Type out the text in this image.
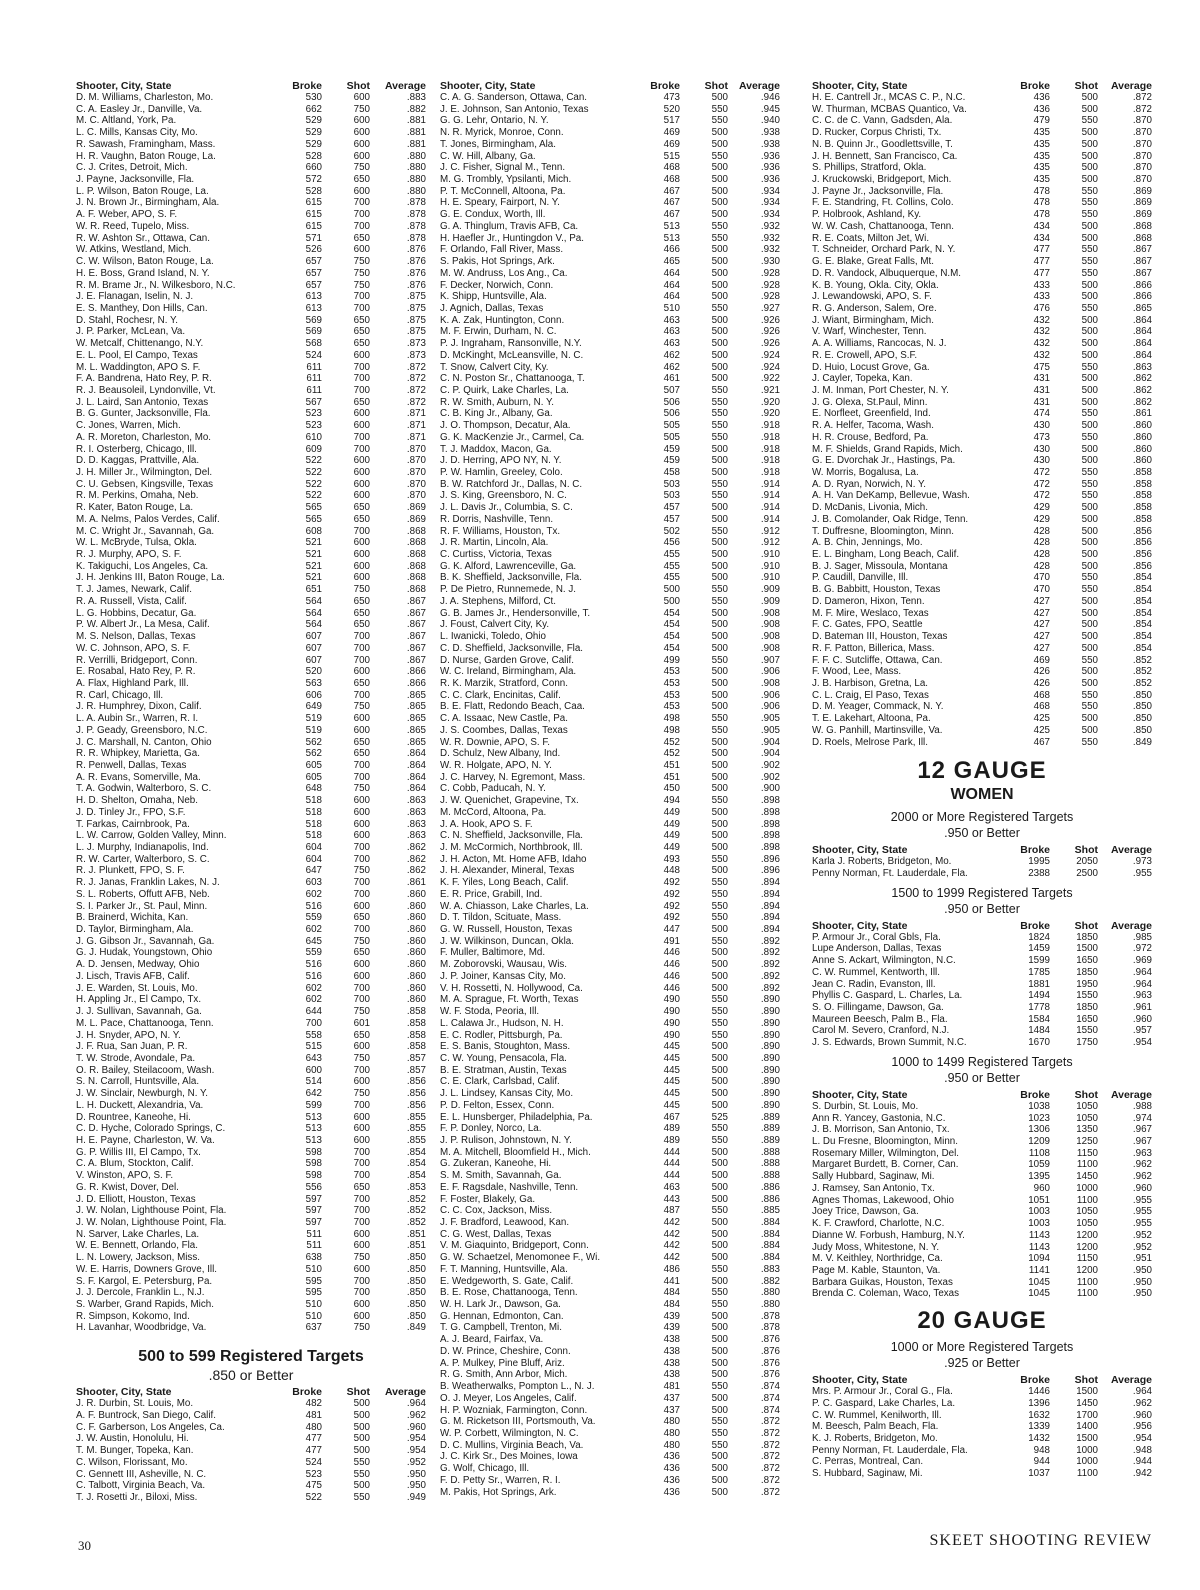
Shooter, City, State	Broke	Shot	Average
D. M. Williams, Charleston, Mo.	530	600	.883
C. A. Easley Jr., Danville, Va.	662	750	.882
M. C. Altland, York, Pa.	529	600	.881
L. C. Mills, Kansas City, Mo.	529	600	.881
R. Sawash, Framingham, Mass.	529	600	.881
H. R. Vaughn, Baton Rouge, La.	528	600	.880
C. J. Crites, Detroit, Mich.	660	750	.880
J. Payne, Jacksonville, Fla.	572	650	.880
L. P. Wilson, Baton Rouge, La.	528	600	.880
J. N. Brown Jr., Birmingham, Ala.	615	700	.878
A. F. Weber, APO, S. F.	615	700	.878
W. R. Reed, Tupelo, Miss.	615	700	.878
R. W. Ashton Sr., Ottawa, Can.	571	650	.878
W. Atkins, Westland, Mich.	526	600	.876
C. W. Wilson, Baton Rouge, La.	657	750	.876
H. E. Boss, Grand Island, N. Y.	657	750	.876
R. M. Brame Jr., N. Wilkesboro, N.C.	657	750	.876
J. E. Flanagan, Iselin, N. J.	613	700	.875
E. S. Manthey, Don Hills, Can.	613	700	.875
D. Stahl, Rochesr, N. Y.	569	650	.875
J. P. Parker, McLean, Va.	569	650	.875
W. Metcalf, Chittenango, N.Y.	568	650	.873
E. L. Pool, El Campo, Texas	524	600	.873
M. L. Waddington, APO S. F.	611	700	.872
F. A. Bandrena, Hato Rey, P. R.	611	700	.872
R. J. Beausoleil, Lyndonville, Vt.	611	700	.872
J. L. Laird, San Antonio, Texas	567	650	.872
B. G. Gunter, Jacksonville, Fla.	523	600	.871
C. Jones, Warren, Mich.	523	600	.871
A. R. Moreton, Charleston, Mo.	610	700	.871
R. I. Osterberg, Chicago, Ill.	609	700	.870
D. D. Kaggas, Prattville, Ala.	522	600	.870
J. H. Miller Jr., Wilmington, Del.	522	600	.870
C. U. Gebsen, Kingsville, Texas	522	600	.870
R. M. Perkins, Omaha, Neb.	522	600	.870
R. Kater, Baton Rouge, La.	565	650	.869
M. A. Nelms, Palos Verdes, Calif.	565	650	.869
M. C. Wright Jr., Savannah, Ga.	608	700	.868
W. L. McBryde, Tulsa, Okla.	521	600	.868
R. J. Murphy, APO, S. F.	521	600	.868
K. Takiguchi, Los Angeles, Ca.	521	600	.868
J. H. Jenkins III, Baton Rouge, La.	521	600	.868
T. J. James, Newark, Calif.	651	750	.868
R. A. Russell, Vista, Calif.	564	650	.867
L. G. Hobbins, Decatur, Ga.	564	650	.867
P. W. Albert Jr., La Mesa, Calif.	564	650	.867
M. S. Nelson, Dallas, Texas	607	700	.867
W. C. Johnson, APO, S. F.	607	700	.867
R. Verrilli, Bridgeport, Conn.	607	700	.867
E. Rosabal, Hato Rey, P. R.	520	600	.866
A. Flax, Highland Park, Ill.	563	650	.866
R. Carl, Chicago, Ill.	606	700	.865
J. R. Humphrey, Dixon, Calif.	649	750	.865
L. A. Aubin Sr., Warren, R. I.	519	600	.865
J. P. Geady, Greensboro, N.C.	519	600	.865
J. C. Marshall, N. Canton, Ohio	562	650	.865
R. R. Whipkey, Marietta, Ga.	562	650	.864
R. Penwell, Dallas, Texas	605	700	.864
A. R. Evans, Somerville, Ma.	605	700	.864
T. A. Godwin, Walterboro, S. C.	648	750	.864
H. D. Shelton, Omaha, Neb.	518	600	.863
J. D. Tinley Jr., FPO, S.F.	518	600	.863
T. Farkas, Cairnbrook, Pa.	518	600	.863
L. W. Carrow, Golden Valley, Minn.	518	600	.863
L. J. Murphy, Indianapolis, Ind.	604	700	.862
R. W. Carter, Walterboro, S. C.	604	700	.862
R. J. Plunkett, FPO, S. F.	647	750	.862
R. J. Janas, Franklin Lakes, N. J.	603	700	.861
S. L. Roberts, Offutt AFB, Neb.	602	700	.860
S. I. Parker Jr., St. Paul, Minn.	516	600	.860
B. Brainerd, Wichita, Kan.	559	650	.860
D. Taylor, Birmingham, Ala.	602	700	.860
J. G. Gibson Jr., Savannah, Ga.	645	750	.860
G. J. Hudak, Youngstown, Ohio	559	650	.860
A. D. Jensen, Medway, Ohio	516	600	.860
J. Lisch, Travis AFB, Calif.	516	600	.860
J. E. Warden, St. Louis, Mo.	602	700	.860
H. Appling Jr., El Campo, Tx.	602	700	.860
J. J. Sullivan, Savannah, Ga.	644	750	.858
M. L. Pace, Chattanooga, Tenn.	700	601	.858
J. H. Snyder, APO, N. Y.	558	650	.858
J. F. Rua, San Juan, P. R.	515	600	.858
T. W. Strode, Avondale, Pa.	643	750	.857
O. R. Bailey, Steilacoom, Wash.	600	700	.857
S. N. Carroll, Huntsville, Ala.	514	600	.856
J. W. Sinclair, Newburgh, N. Y.	642	750	.856
L. H. Duckett, Alexandria, Va.	599	700	.856
D. Rountree, Kaneohe, Hi.	513	600	.855
C. D. Hyche, Colorado Springs, C.	513	600	.855
H. E. Payne, Charleston, W. Va.	513	600	.855
G. P. Willis III, El Campo, Tx.	598	700	.854
C. A. Blum, Stockton, Calif.	598	700	.854
V. Winston, APO, S. F.	598	700	.854
G. R. Kwist, Dover, Del.	556	650	.853
J. D. Elliott, Houston, Texas	597	700	.852
J. W. Nolan, Lighthouse Point, Fla.	597	700	.852
J. W. Nolan, Lighthouse Point, Fla.	597	700	.852
N. Sarver, Lake Charles, La.	511	600	.851
W. E. Bennett, Orlando, Fla.	511	600	.851
L. N. Lowery, Jackson, Miss.	638	750	.850
W. E. Harris, Downers Grove, Ill.	510	600	.850
S. F. Kargol, E. Petersburg, Pa.	595	700	.850
J. J. Dercole, Franklin L., N.J.	595	700	.850
S. Warber, Grand Rapids, Mich.	510	600	.850
R. Simpson, Kokomo, Ind.	510	600	.850
H. Lavanhar, Woodbridge, Va.	637	750	.849
500 to 599 Registered Targets
.850 or Better
Shooter, City, State	Broke	Shot	Average
J. R. Durbin, St. Louis, Mo.	482	500	.964
A. F. Buntrock, San Diego, Calif.	481	500	.962
C. F. Garberson, Los Angeles, Ca.	480	500	.960
J. W. Austin, Honolulu, Hi.	477	500	.954
T. M. Bunger, Topeka, Kan.	477	500	.954
C. Wilson, Florissant, Mo.	524	550	.952
C. Gennett III, Asheville, N. C.	523	550	.950
C. Talbott, Virginia Beach, Va.	475	500	.950
T. J. Rosetti Jr., Biloxi, Miss.	522	550	.949
Shooter, City, State	Broke	Shot	Average
C. A. G. Sanderson, Ottawa, Can.	473	500	.946
J. E. Johnson, San Antonio, Texas	520	550	.945
G. G. Lehr, Ontario, N. Y.	517	550	.940
N. R. Myrick, Monroe, Conn.	469	500	.938
T. Jones, Birmingham, Ala.	469	500	.938
C. W. Hill, Albany, Ga.	515	550	.936
J. C. Fisher, Signal M., Tenn.	468	500	.936
M. G. Trombly, Ypsilanti, Mich.	468	500	.936
P. T. McConnell, Altoona, Pa.	467	500	.934
H. E. Speary, Fairport, N. Y.	467	500	.934
G. E. Condux, Worth, Ill.	467	500	.934
G. A. Thinglum, Travis AFB, Ca.	513	550	.932
H. Haefler Jr., Huntingdon V., Pa.	513	550	.932
F. Orlando, Fall River, Mass.	466	500	.932
S. Pakis, Hot Springs, Ark.	465	500	.930
M. W. Andruss, Los Ang., Ca.	464	500	.928
F. Decker, Norwich, Conn.	464	500	.928
K. Shipp, Huntsville, Ala.	464	500	.928
J. Agnich, Dallas, Texas	510	550	.927
K. A. Zak, Huntington, Conn.	463	500	.926
M. F. Erwin, Durham, N. C.	463	500	.926
P. J. Ingraham, Ransonville, N.Y.	463	500	.926
D. McKinght, McLeansville, N. C.	462	500	.924
T. Snow, Calvert City, Ky.	462	500	.924
C. N. Poston Sr., Chattanooga, T.	461	500	.922
C. P. Quirk, Lake Charles, La.	507	550	.921
R. W. Smith, Auburn, N. Y.	506	550	.920
C. B. King Jr., Albany, Ga.	506	550	.920
J. O. Thompson, Decatur, Ala.	505	550	.918
G. K. MacKenzie Jr., Carmel, Ca.	505	550	.918
T. J. Maddox, Macon, Ga.	459	500	.918
J. D. Herring, APO NY, N. Y.	459	500	.918
P. W. Hamlin, Greeley, Colo.	458	500	.918
B. W. Ratchford Jr., Dallas, N. C.	503	550	.914
J. S. King, Greensboro, N. C.	503	550	.914
J. L. Davis Jr., Columbia, S. C.	457	500	.914
R. Dorris, Nashville, Tenn.	457	500	.914
R. F. Williams, Houston, Tx.	502	550	.912
J. R. Martin, Lincoln, Ala.	456	500	.912
C. Curtiss, Victoria, Texas	455	500	.910
G. K. Alford, Lawrenceville, Ga.	455	500	.910
B. K. Sheffield, Jacksonville, Fla.	455	500	.910
P. De Pietro, Runnemede, N. J.	500	550	.909
J. A. Stephens, Milford, Ct.	500	550	.909
G. B. James Jr., Hendersonville, T.	454	500	.908
J. Foust, Calvert City, Ky.	454	500	.908
L. Iwanicki, Toledo, Ohio	454	500	.908
C. D. Sheffield, Jacksonville, Fla.	454	500	.908
D. Nurse, Garden Grove, Calif.	499	550	.907
W. C. Ireland, Birmingham, Ala.	453	500	.906
R. K. Marzik, Stratford, Conn.	453	500	.908
C. C. Clark, Encinitas, Calif.	453	500	.906
B. E. Flatt, Redondo Beach, Caa.	453	500	.906
C. A. Issaac, New Castle, Pa.	498	550	.905
J. S. Coombes, Dallas, Texas	498	550	.905
W. R. Downie, APO, S. F.	452	500	.904
D. Schulz, New Albany, Ind.	452	500	.904
W. R. Holgate, APO, N. Y.	451	500	.902
J. C. Harvey, N. Egremont, Mass.	451	500	.902
C. Cobb, Paducah, N. Y.	450	500	.900
J. W. Quenichet, Grapevine, Tx.	494	550	.898
M. McCord, Altoona, Pa.	449	500	.898
J. A. Hook, APO S. F.	449	500	.898
C. N. Sheffield, Jacksonville, Fla.	449	500	.898
J. M. McCormich, Northbrook, Ill.	449	500	.898
J. H. Acton, Mt. Home AFB, Idaho	493	550	.896
J. H. Alexander, Mineral, Texas	448	500	.896
K. F. Yiles, Long Beach, Calif.	492	550	.894
E. R. Price, Grabill, Ind.	492	550	.894
W. A. Chiasson, Lake Charles, La.	492	550	.894
D. T. Tildon, Scituate, Mass.	492	550	.894
G. W. Russell, Houston, Texas	447	500	.894
J. W. Wilkinson, Duncan, Okla.	491	550	.892
F. Muller, Baltimore, Md.	446	500	.892
M. Zoborovski, Wausau, Wis.	446	500	.892
J. P. Joiner, Kansas City, Mo.	446	500	.892
V. H. Rossetti, N. Hollywood, Ca.	446	500	.892
M. A. Sprague, Ft. Worth, Texas	490	550	.890
W. F. Stoda, Peoria, Ill.	490	550	.890
L. Calawa Jr., Hudson, N. H.	490	550	.890
E. C. Rodler, Pittsburgh, Pa.	490	550	.890
E. S. Banis, Stoughton, Mass.	445	500	.890
C. W. Young, Pensacola, Fla.	445	500	.890
B. E. Stratman, Austin, Texas	445	500	.890
C. E. Clark, Carlsbad, Calif.	445	500	.890
J. L. Lindsey, Kansas City, Mo.	445	500	.890
P. D. Felton, Essex, Conn.	445	500	.890
E. L. Hunsberger, Philadelphia, Pa.	467	525	.889
F. P. Donley, Norco, La.	489	550	.889
J. P. Rulison, Johnstown, N. Y.	489	550	.889
M. A. Mitchell, Bloomfield H., Mich.	444	500	.888
G. Zukeran, Kaneohe, Hi.	444	500	.888
S. M. Smith, Savannah, Ga.	444	500	.888
E. F. Ragsdale, Nashville, Tenn.	463	500	.886
F. Foster, Blakely, Ga.	443	500	.886
C. C. Cox, Jackson, Miss.	487	550	.885
J. F. Bradford, Leawood, Kan.	442	500	.884
C. G. West, Dallas, Texas	442	500	.884
V. M. Giaquinto, Bridgeport, Conn.	442	500	.884
G. W. Schaetzel, Menomonee F., Wi.	442	500	.884
F. T. Manning, Huntsville, Ala.	486	550	.883
E. Wedgeworth, S. Gate, Calif.	441	500	.882
B. E. Rose, Chattanooga, Tenn.	484	550	.880
W. H. Lark Jr., Dawson, Ga.	484	550	.880
G. Hennan, Edmonton, Can.	439	500	.878
T. G. Campbell, Trenton, Mi.	439	500	.878
A. J. Beard, Fairfax, Va.	438	500	.876
D. W. Prince, Cheshire, Conn.	438	500	.876
A. P. Mulkey, Pine Bluff, Ariz.	438	500	.876
R. G. Smith, Ann Arbor, Mich.	438	500	.876
B. Weatherwalks, Pompton L., N. J.	481	550	.874
O. J. Meyer, Los Angeles, Calif.	437	500	.874
H. P. Wozniak, Farmington, Conn.	437	500	.874
G. M. Ricketson III, Portsmouth, Va.	480	550	.872
W. P. Corbett, Wilmington, N. C.	480	550	.872
D. C. Mullins, Virginia Beach, Va.	480	550	.872
J. C. Kirk Sr., Des Moines, Iowa	436	500	.872
G. Wolf, Chicago, Ill.	436	500	.872
F. D. Petty Sr., Warren, R. I.	436	500	.872
M. Pakis, Hot Springs, Ark.	436	500	.872
Shooter, City, State	Broke	Shot	Average
H. E. Cantrell Jr., MCAS C. P., N.C.	436	500	.872
W. Thurman, MCBAS Quantico, Va.	436	500	.872
C. C. de C. Vann, Gadsden, Ala.	479	550	.870
D. Rucker, Corpus Christi, Tx.	435	500	.870
N. B. Quinn Jr., Goodlettsville, T.	435	500	.870
J. H. Bennett, San Francisco, Ca.	435	500	.870
S. Phillips, Stratford, Okla.	435	500	.870
J. Kruckowski, Bridgeport, Mich.	435	500	.870
J. Payne Jr., Jacksonville, Fla.	478	550	.869
F. E. Standring, Ft. Collins, Colo.	478	550	.869
P. Holbrook, Ashland, Ky.	478	550	.869
W. W. Cash, Chattanooga, Tenn.	434	500	.868
R. E. Coats, Milton Jet, Wi.	434	500	.868
T. Schneider, Orchard Park, N. Y.	477	550	.867
G. E. Blake, Great Falls, Mt.	477	550	.867
D. R. Vandock, Albuquerque, N.M.	477	550	.867
K. B. Young, Okla. City, Okla.	433	500	.866
J. Lewandowski, APO, S. F.	433	500	.866
R. G. Anderson, Salem, Ore.	476	550	.865
J. Wiant, Birmingham, Mich.	432	500	.864
V. Warf, Winchester, Tenn.	432	500	.864
A. A. Williams, Rancocas, N. J.	432	500	.864
R. E. Crowell, APO, S.F.	432	500	.864
D. Huio, Locust Grove, Ga.	475	550	.863
J. Cayler, Topeka, Kan.	431	500	.862
J. M. Inman, Port Chester, N. Y.	431	500	.862
J. G. Olexa, St.Paul, Minn.	431	500	.862
E. Norfleet, Greenfield, Ind.	474	550	.861
R. A. Helfer, Tacoma, Wash.	430	500	.860
H. R. Crouse, Bedford, Pa.	473	550	.860
M. F. Shields, Grand Rapids, Mich.	430	500	.860
G. E. Dvorchak Jr., Hastings, Pa.	430	500	.860
W. Morris, Bogalusa, La.	472	550	.858
A. D. Ryan, Norwich, N. Y.	472	550	.858
A. H. Van DeKamp, Bellevue, Wash.	472	550	.858
D. McDanis, Livonia, Mich.	429	500	.858
J. B. Comolander, Oak Ridge, Tenn.	429	500	.858
T. Duffresne, Bloomington, Minn.	428	500	.856
A. B. Chin, Jennings, Mo.	428	500	.856
E. L. Bingham, Long Beach, Calif.	428	500	.856
B. J. Sager, Missoula, Montana	428	500	.856
P. Caudill, Danville, Ill.	470	550	.854
B. G. Babbitt, Houston, Texas	470	550	.854
D. Dameron, Hixon, Tenn.	427	500	.854
M. F. Mire, Weslaco, Texas	427	500	.854
F. C. Gates, FPO, Seattle	427	500	.854
D. Bateman III, Houston, Texas	427	500	.854
R. F. Patton, Billerica, Mass.	427	500	.854
F. F. C. Sutcliffe, Ottawa, Can.	469	550	.852
F. Wood, Lee, Mass.	426	500	.852
J. B. Harbison, Gretna, La.	426	500	.852
C. L. Craig, El Paso, Texas	468	550	.850
D. M. Yeager, Commack, N. Y.	468	550	.850
T. E. Lakehart, Altoona, Pa.	425	500	.850
W. G. Panhill, Martinsville, Va.	425	500	.850
D. Roels, Melrose Park, Ill.	467	550	.849
12 GAUGE
WOMEN
2000 or More Registered Targets
.950 or Better
Shooter, City, State	Broke	Shot	Average
Karla J. Roberts, Bridgeton, Mo.	1995	2050	.973
Penny Norman, Ft. Lauderdale, Fla.	2388	2500	.955
1500 to 1999 Registered Targets
.950 or Better
Shooter, City, State	Broke	Shot	Average
P. Armour Jr., Coral Gbls, Fla.	1824	1850	.985
Lupe Anderson, Dallas, Texas	1459	1500	.972
Anne S. Ackart, Wilmington, N.C.	1599	1650	.969
C. W. Rummel, Kentworth, Ill.	1785	1850	.964
Jean C. Radin, Evanston, Ill.	1881	1950	.964
Phyllis C. Gaspard, L. Charles, La.	1494	1550	.963
S. O. Fillingame, Dawson, Ga.	1778	1850	.961
Maureen Beesch, Palm B., Fla.	1584	1650	.960
Carol M. Severo, Cranford, N.J.	1484	1550	.957
J. S. Edwards, Brown Summit, N.C.	1670	1750	.954
1000 to 1499 Registered Targets
.950 or Better
Shooter, City, State	Broke	Shot	Average
S. Durbin, St. Louis, Mo.	1038	1050	.988
Ann R. Yancey, Gastonia, N.C.	1023	1050	.974
J. B. Morrison, San Antonio, Tx.	1306	1350	.967
L. Du Fresne, Bloomington, Minn.	1209	1250	.967
Rosemary Miller, Wilmington, Del.	1108	1150	.963
Margaret Burdett, B. Corner, Can.	1059	1100	.962
Sally Hubbard, Saginaw, Mi.	1395	1450	.962
J. Ramsey, San Antonio, Tx.	960	1000	.960
Agnes Thomas, Lakewood, Ohio	1051	1100	.955
Joey Trice, Dawson, Ga.	1003	1050	.955
K. F. Crawford, Charlotte, N.C.	1003	1050	.955
Dianne W. Forbush, Hamburg, N.Y.	1143	1200	.952
Judy Moss, Whitestone, N. Y.	1143	1200	.952
M. V. Keithley, Northridge, Ca.	1094	1150	.951
Page M. Kable, Staunton, Va.	1141	1200	.950
Barbara Guikas, Houston, Texas	1045	1100	.950
Brenda C. Coleman, Waco, Texas	1045	1100	.950
20 GAUGE
1000 or More Registered Targets
.925 or Better
Shooter, City, State	Broke	Shot	Average
Mrs. P. Armour Jr., Coral G., Fla.	1446	1500	.964
P. C. Gaspard, Lake Charles, La.	1396	1450	.962
C. W. Rummel, Kenilworth, Ill.	1632	1700	.960
M. Beesch, Palm Beach, Fla.	1339	1400	.956
K. J. Roberts, Bridgeton, Mo.	1432	1500	.954
Penny Norman, Ft. Lauderdale, Fla.	948	1000	.948
C. Perras, Montreal, Can.	944	1000	.944
S. Hubbard, Saginaw, Mi.	1037	1100	.942
30	SKEET SHOOTING REVIEW
